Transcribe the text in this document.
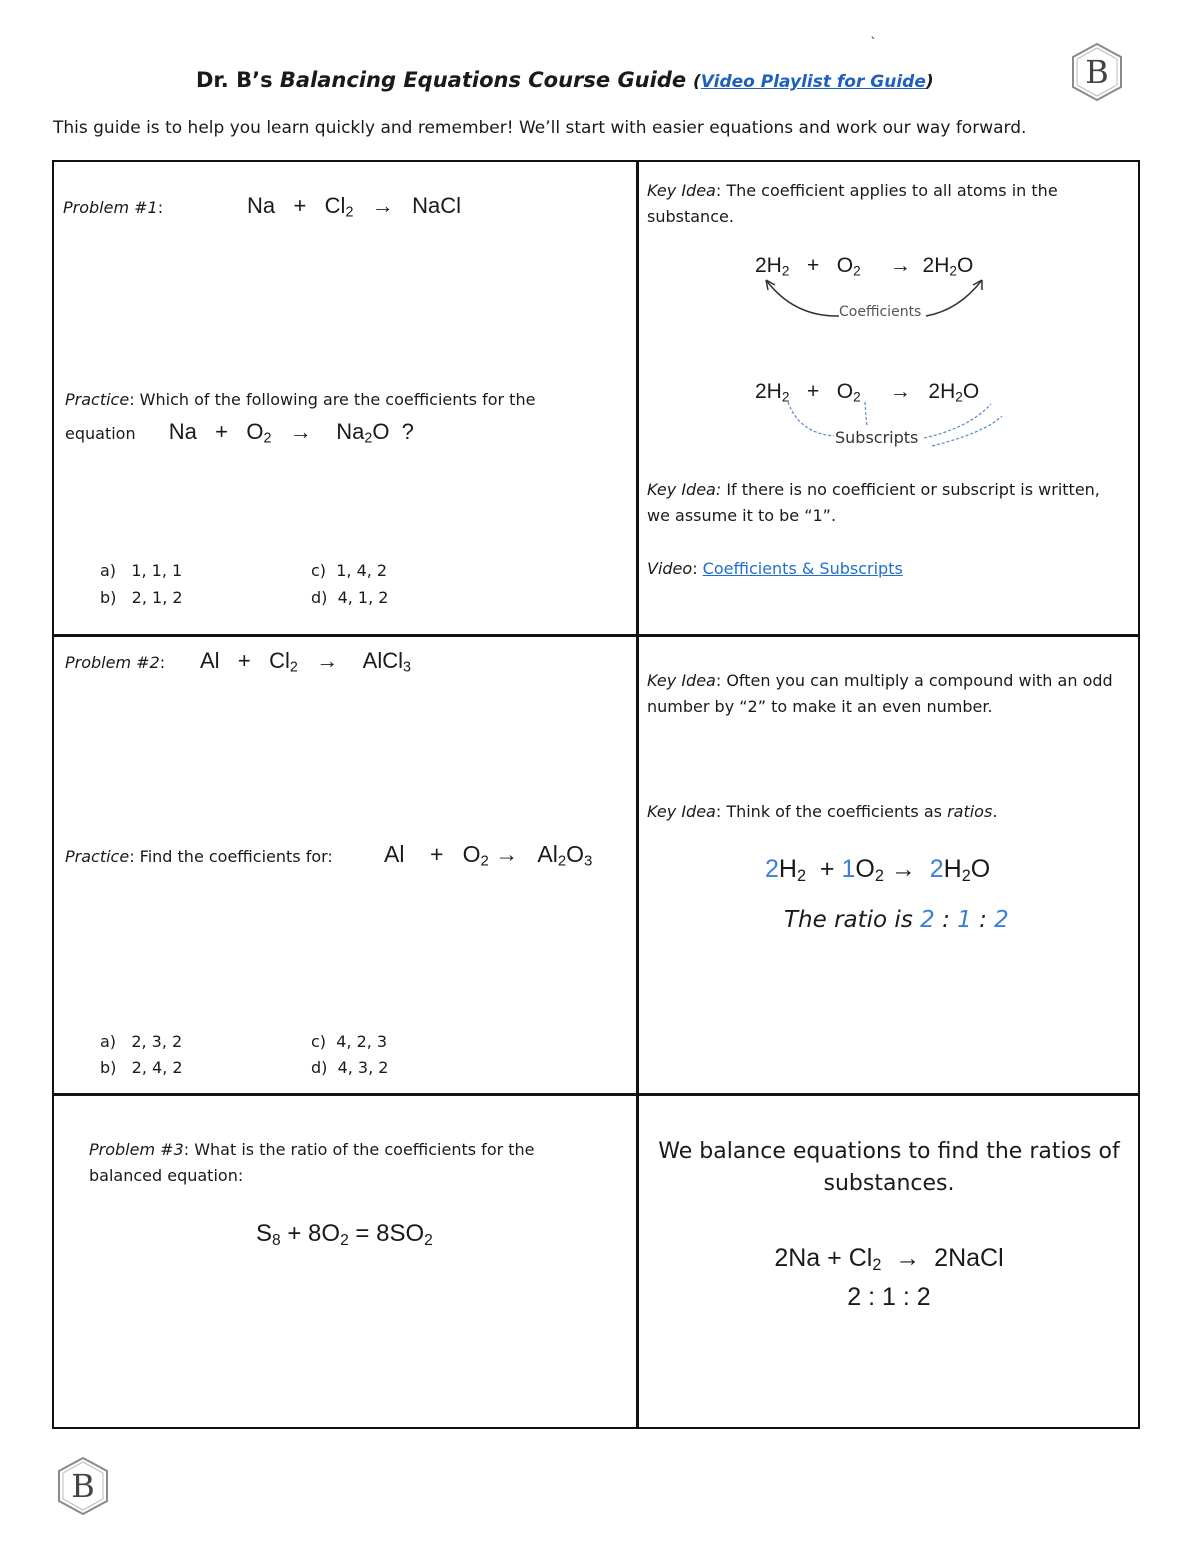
Dr. B’s Balancing Equations Course Guide (Video Playlist for Guide)
`
B
This guide is to help you learn quickly and remember! We’ll start with easier equations and work our way forward.
Problem #1:	$Na + Cl_2$ → NaCl
Practice: Which of the following are the coefficients for the
equation $Na + O_2 \to Na_2O$ ?
a) 1, 1, 1
b) 2, 1, 2
c) 1, 4, 2
d) 4, 1, 2
Key Idea: The coefficient applies to all atoms in the substance.
$2H_2 + O_2 \to 2H_2O$
Coefficients
$2H_2 + O_2 \to 2H_2O$
Subscripts
Key Idea: If there is no coefficient or subscript is written, we assume it to be “1”.
Video: Coefficients & Subscripts
Problem #2: $Al + Cl_2$ → AlCl$_3$
Practice: Find the coefficients for: $Al + O_2 \to Al_2O_3$
a) 2, 3, 2
b) 2, 4, 2
c) 4, 2, 3
d) 4, 3, 2
Key Idea: Often you can multiply a compound with an odd number by “2” to make it an even number.
Key Idea: Think of the coefficients as ratios.
$2H_2 + 1O_2 \to 2H_2O$
The ratio is 2 : 1 : 2
Problem #3: What is the ratio of the coefficients for the balanced equation:
$S_8 + 8O_2 = 8SO_2$
We balance equations to find the ratios of substances.
$2Na + Cl_2$ → 2NaCl
2 : 1 : 2
B
